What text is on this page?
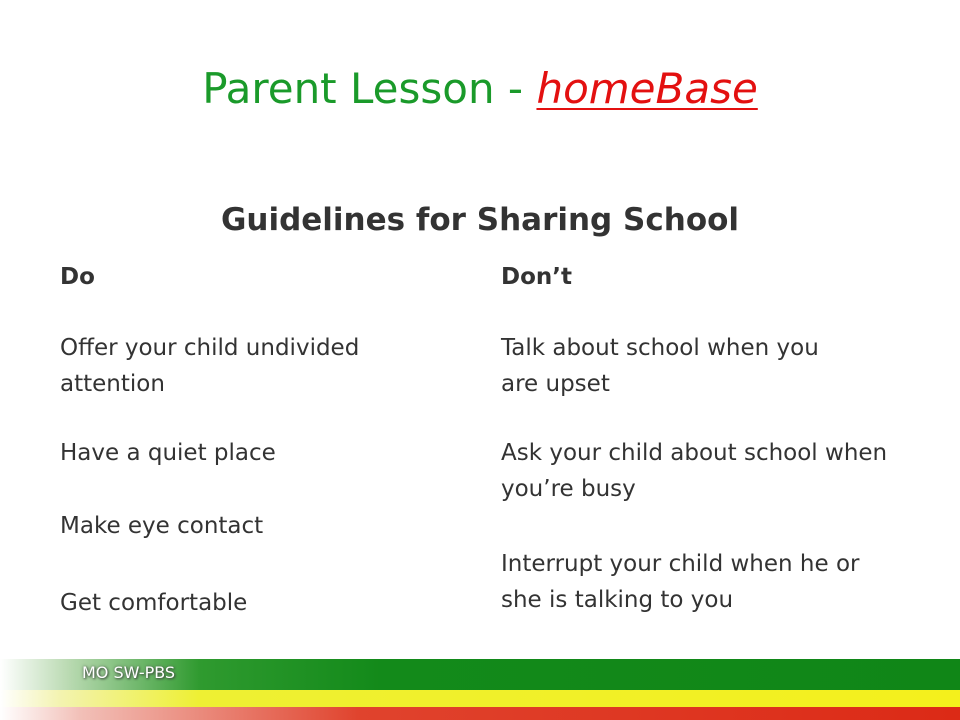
Parent Lesson - homeBase
Guidelines for Sharing School
Do
Offer your child undivided attention
Have a quiet place
Make eye contact
Get comfortable
Don’t
Talk about school when you are upset
Ask your child about school when you’re busy
Interrupt your child when he or she is talking to you
MO SW-PBS
